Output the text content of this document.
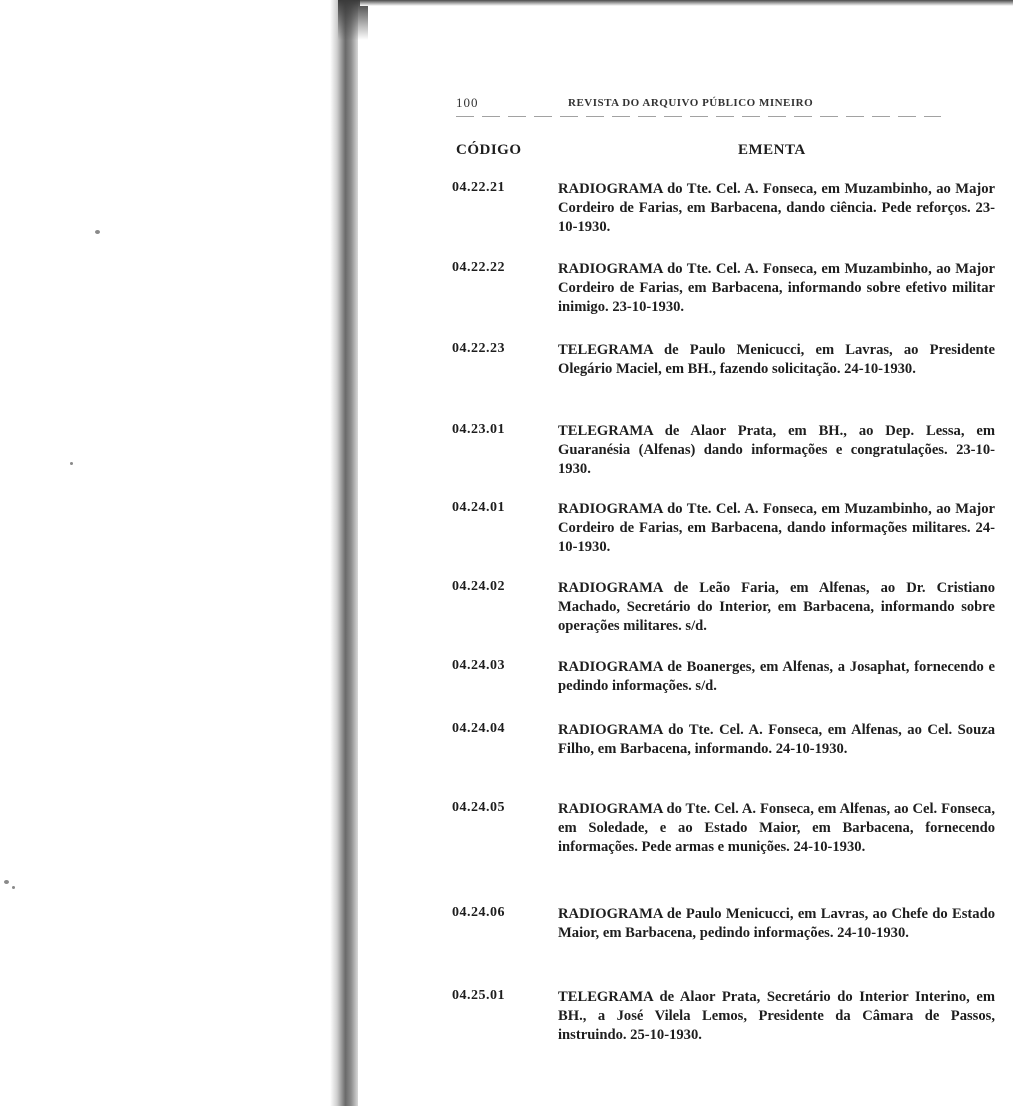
100	REVISTA DO ARQUIVO PÚBLICO MINEIRO
CÓDIGO	EMENTA
04.22.21	RADIOGRAMA do Tte. Cel. A. Fonseca, em Muzambinho, ao Major Cordeiro de Farias, em Barbacena, dando ciência. Pede reforços. 23-10-1930.
04.22.22	RADIOGRAMA do Tte. Cel. A. Fonseca, em Muzambinho, ao Major Cordeiro de Farias, em Barbacena, informando sobre efetivo militar inimigo. 23-10-1930.
04.22.23	TELEGRAMA de Paulo Menicucci, em Lavras, ao Presidente Olegário Maciel, em BH., fazendo solicitação. 24-10-1930.
04.23.01	TELEGRAMA de Alaor Prata, em BH., ao Dep. Lessa, em Guaranésia (Alfenas) dando informações e congratulações. 23-10-1930.
04.24.01	RADIOGRAMA do Tte. Cel. A. Fonseca, em Muzambinho, ao Major Cordeiro de Farias, em Barbacena, dando informações militares. 24-10-1930.
04.24.02	RADIOGRAMA de Leão Faria, em Alfenas, ao Dr. Cristiano Machado, Secretário do Interior, em Barbacena, informando sobre operações militares. s/d.
04.24.03	RADIOGRAMA de Boanerges, em Alfenas, a Josaphat, fornecendo e pedindo informações. s/d.
04.24.04	RADIOGRAMA do Tte. Cel. A. Fonseca, em Alfenas, ao Cel. Souza Filho, em Barbacena, informando. 24-10-1930.
04.24.05	RADIOGRAMA do Tte. Cel. A. Fonseca, em Alfenas, ao Cel. Fonseca, em Soledade, e ao Estado Maior, em Barbacena, fornecendo informações. Pede armas e munições. 24-10-1930.
04.24.06	RADIOGRAMA de Paulo Menicucci, em Lavras, ao Chefe do Estado Maior, em Barbacena, pedindo informações. 24-10-1930.
04.25.01	TELEGRAMA de Alaor Prata, Secretário do Interior Interino, em BH., a José Vilela Lemos, Presidente da Câmara de Passos, instruindo. 25-10-1930.
